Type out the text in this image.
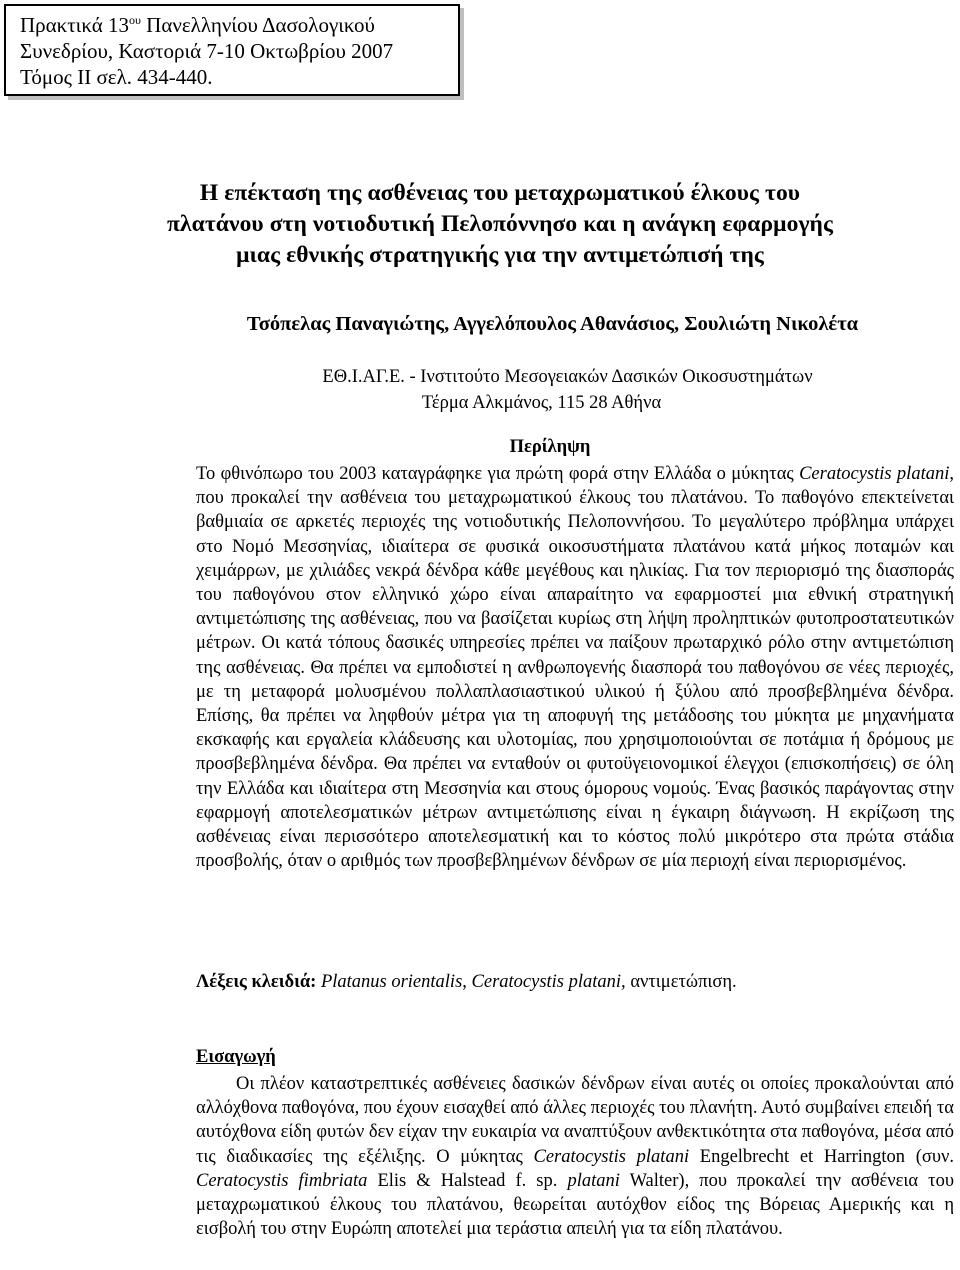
Πρακτικά $13^{o\upsilon}$ Πανελληνίου Δασολογικού
Συνεδρίου, Καστοριά 7-10 Οκτωβρίου 2007
Τόμος ΙΙ σελ. 434-440.
Η επέκταση της ασθένειας του μεταχρωματικού έλκους του
πλατάνου στη νοτιοδυτική Πελοπόννησο και η ανάγκη εφαρμογής
μιας εθνικής στρατηγικής για την αντιμετώπισή της
Τσόπελας Παναγιώτης, Αγγελόπουλος Αθανάσιος, Σουλιώτη Νικολέτα
ΕΘ.Ι.ΑΓ.Ε. - Ινστιτούτο Μεσογειακών Δασικών Οικοσυστημάτων
Τέρμα Αλκμάνος, 115 28 Αθήνα
Περίληψη
Το φθινόπωρο του 2003 καταγράφηκε για πρώτη φορά στην Ελλάδα ο μύκητας Ceratocystis platani, που προκαλεί την ασθένεια του μεταχρωματικού έλκους του πλατάνου. Το παθογόνο επεκτείνεται βαθμιαία σε αρκετές περιοχές της νοτιοδυτικής Πελοποννήσου. Το μεγαλύτερο πρόβλημα υπάρχει στο Νομό Μεσσηνίας, ιδιαίτερα σε φυσικά οικοσυστήματα πλατάνου κατά μήκος ποταμών και χειμάρρων, με χιλιάδες νεκρά δένδρα κάθε μεγέθους και ηλικίας. Για τον περιορισμό της διασποράς του παθογόνου στον ελληνικό χώρο είναι απαραίτητο να εφαρμοστεί μια εθνική στρατηγική αντιμετώπισης της ασθένειας, που να βασίζεται κυρίως στη λήψη προληπτικών φυτοπροστατευτικών μέτρων. Οι κατά τόπους δασικές υπηρεσίες πρέπει να παίξουν πρωταρχικό ρόλο στην αντιμετώπιση της ασθένειας. Θα πρέπει να εμποδιστεί η ανθρωπογενής διασπορά του παθογόνου σε νέες περιοχές, με τη μεταφορά μολυσμένου πολλαπλασιαστικού υλικού ή ξύλου από προσβεβλημένα δένδρα. Επίσης, θα πρέπει να ληφθούν μέτρα για τη αποφυγή της μετάδοσης του μύκητα με μηχανήματα εκσκαφής και εργαλεία κλάδευσης και υλοτομίας, που χρησιμοποιούνται σε ποτάμια ή δρόμους με προσβεβλημένα δένδρα. Θα πρέπει να ενταθούν οι φυτοϋγειονομικοί έλεγχοι (επισκοπήσεις) σε όλη την Ελλάδα και ιδιαίτερα στη Μεσσηνία και στους όμορους νομούς. Ένας βασικός παράγοντας στην εφαρμογή αποτελεσματικών μέτρων αντιμετώπισης είναι η έγκαιρη διάγνωση. Η εκρίζωση της ασθένειας είναι περισσότερο αποτελεσματική και το κόστος πολύ μικρότερο στα πρώτα στάδια προσβολής, όταν ο αριθμός των προσβεβλημένων δένδρων σε μία περιοχή είναι περιορισμένος.
Λέξεις κλειδιά: Platanus orientalis, Ceratocystis platani, αντιμετώπιση.
Εισαγωγή
Οι πλέον καταστρεπτικές ασθένειες δασικών δένδρων είναι αυτές οι οποίες προκαλούνται από αλλόχθονα παθογόνα, που έχουν εισαχθεί από άλλες περιοχές του πλανήτη. Αυτό συμβαίνει επειδή τα αυτόχθονα είδη φυτών δεν είχαν την ευκαιρία να αναπτύξουν ανθεκτικότητα στα παθογόνα, μέσα από τις διαδικασίες της εξέλιξης. Ο μύκητας Ceratocystis platani Engelbrecht et Harrington (συν. Ceratocystis fimbriata Elis & Halstead f. sp. platani Walter), που προκαλεί την ασθένεια του μεταχρωματικού έλκους του πλατάνου, θεωρείται αυτόχθον είδος της Βόρειας Αμερικής και η εισβολή του στην Ευρώπη αποτελεί μια τεράστια απειλή για τα είδη πλατάνου.
